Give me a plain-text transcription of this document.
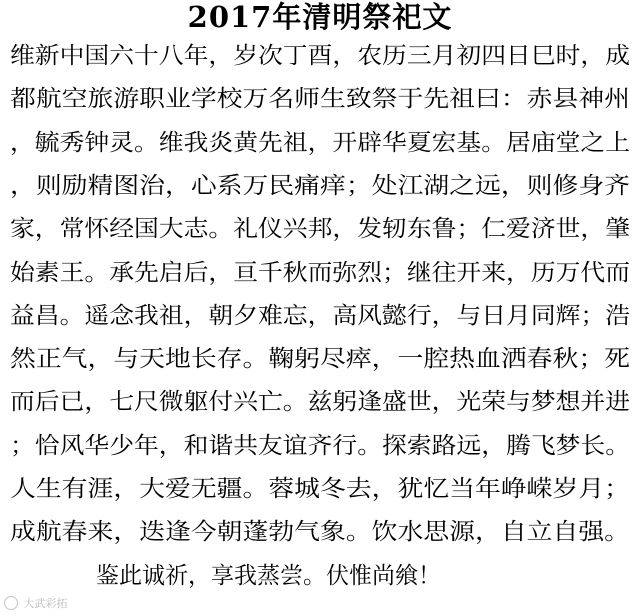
2017年清明祭祀文
维新中国六十八年，岁次丁酉，农历三月初四日巳时，成
都航空旅游职业学校万名师生致祭于先祖曰：赤县神州
，毓秀钟灵。维我炎黄先祖，开辟华夏宏基。居庙堂之上
，则励精图治，心系万民痛痒；处江湖之远，则修身齐
家，常怀经国大志。礼仪兴邦，发轫东鲁；仁爱济世，肇
始素王。承先启后，亘千秋而弥烈；继往开来，历万代而
益昌。遥念我祖，朝夕难忘，高风懿行，与日月同辉；浩
然正气，与天地长存。鞠躬尽瘁，一腔热血洒春秋；死
而后已，七尺微躯付兴亡。兹躬逢盛世，光荣与梦想并进
；恰风华少年，和谐共友谊齐行。探索路远，腾飞梦长。
人生有涯，大爱无疆。蓉城冬去，犹忆当年峥嵘岁月；
成航春来，迭逢今朝蓬勃气象。饮水思源，自立自强。
鉴此诚祈，享我蒸尝。伏惟尚飨！
大武彩拓
